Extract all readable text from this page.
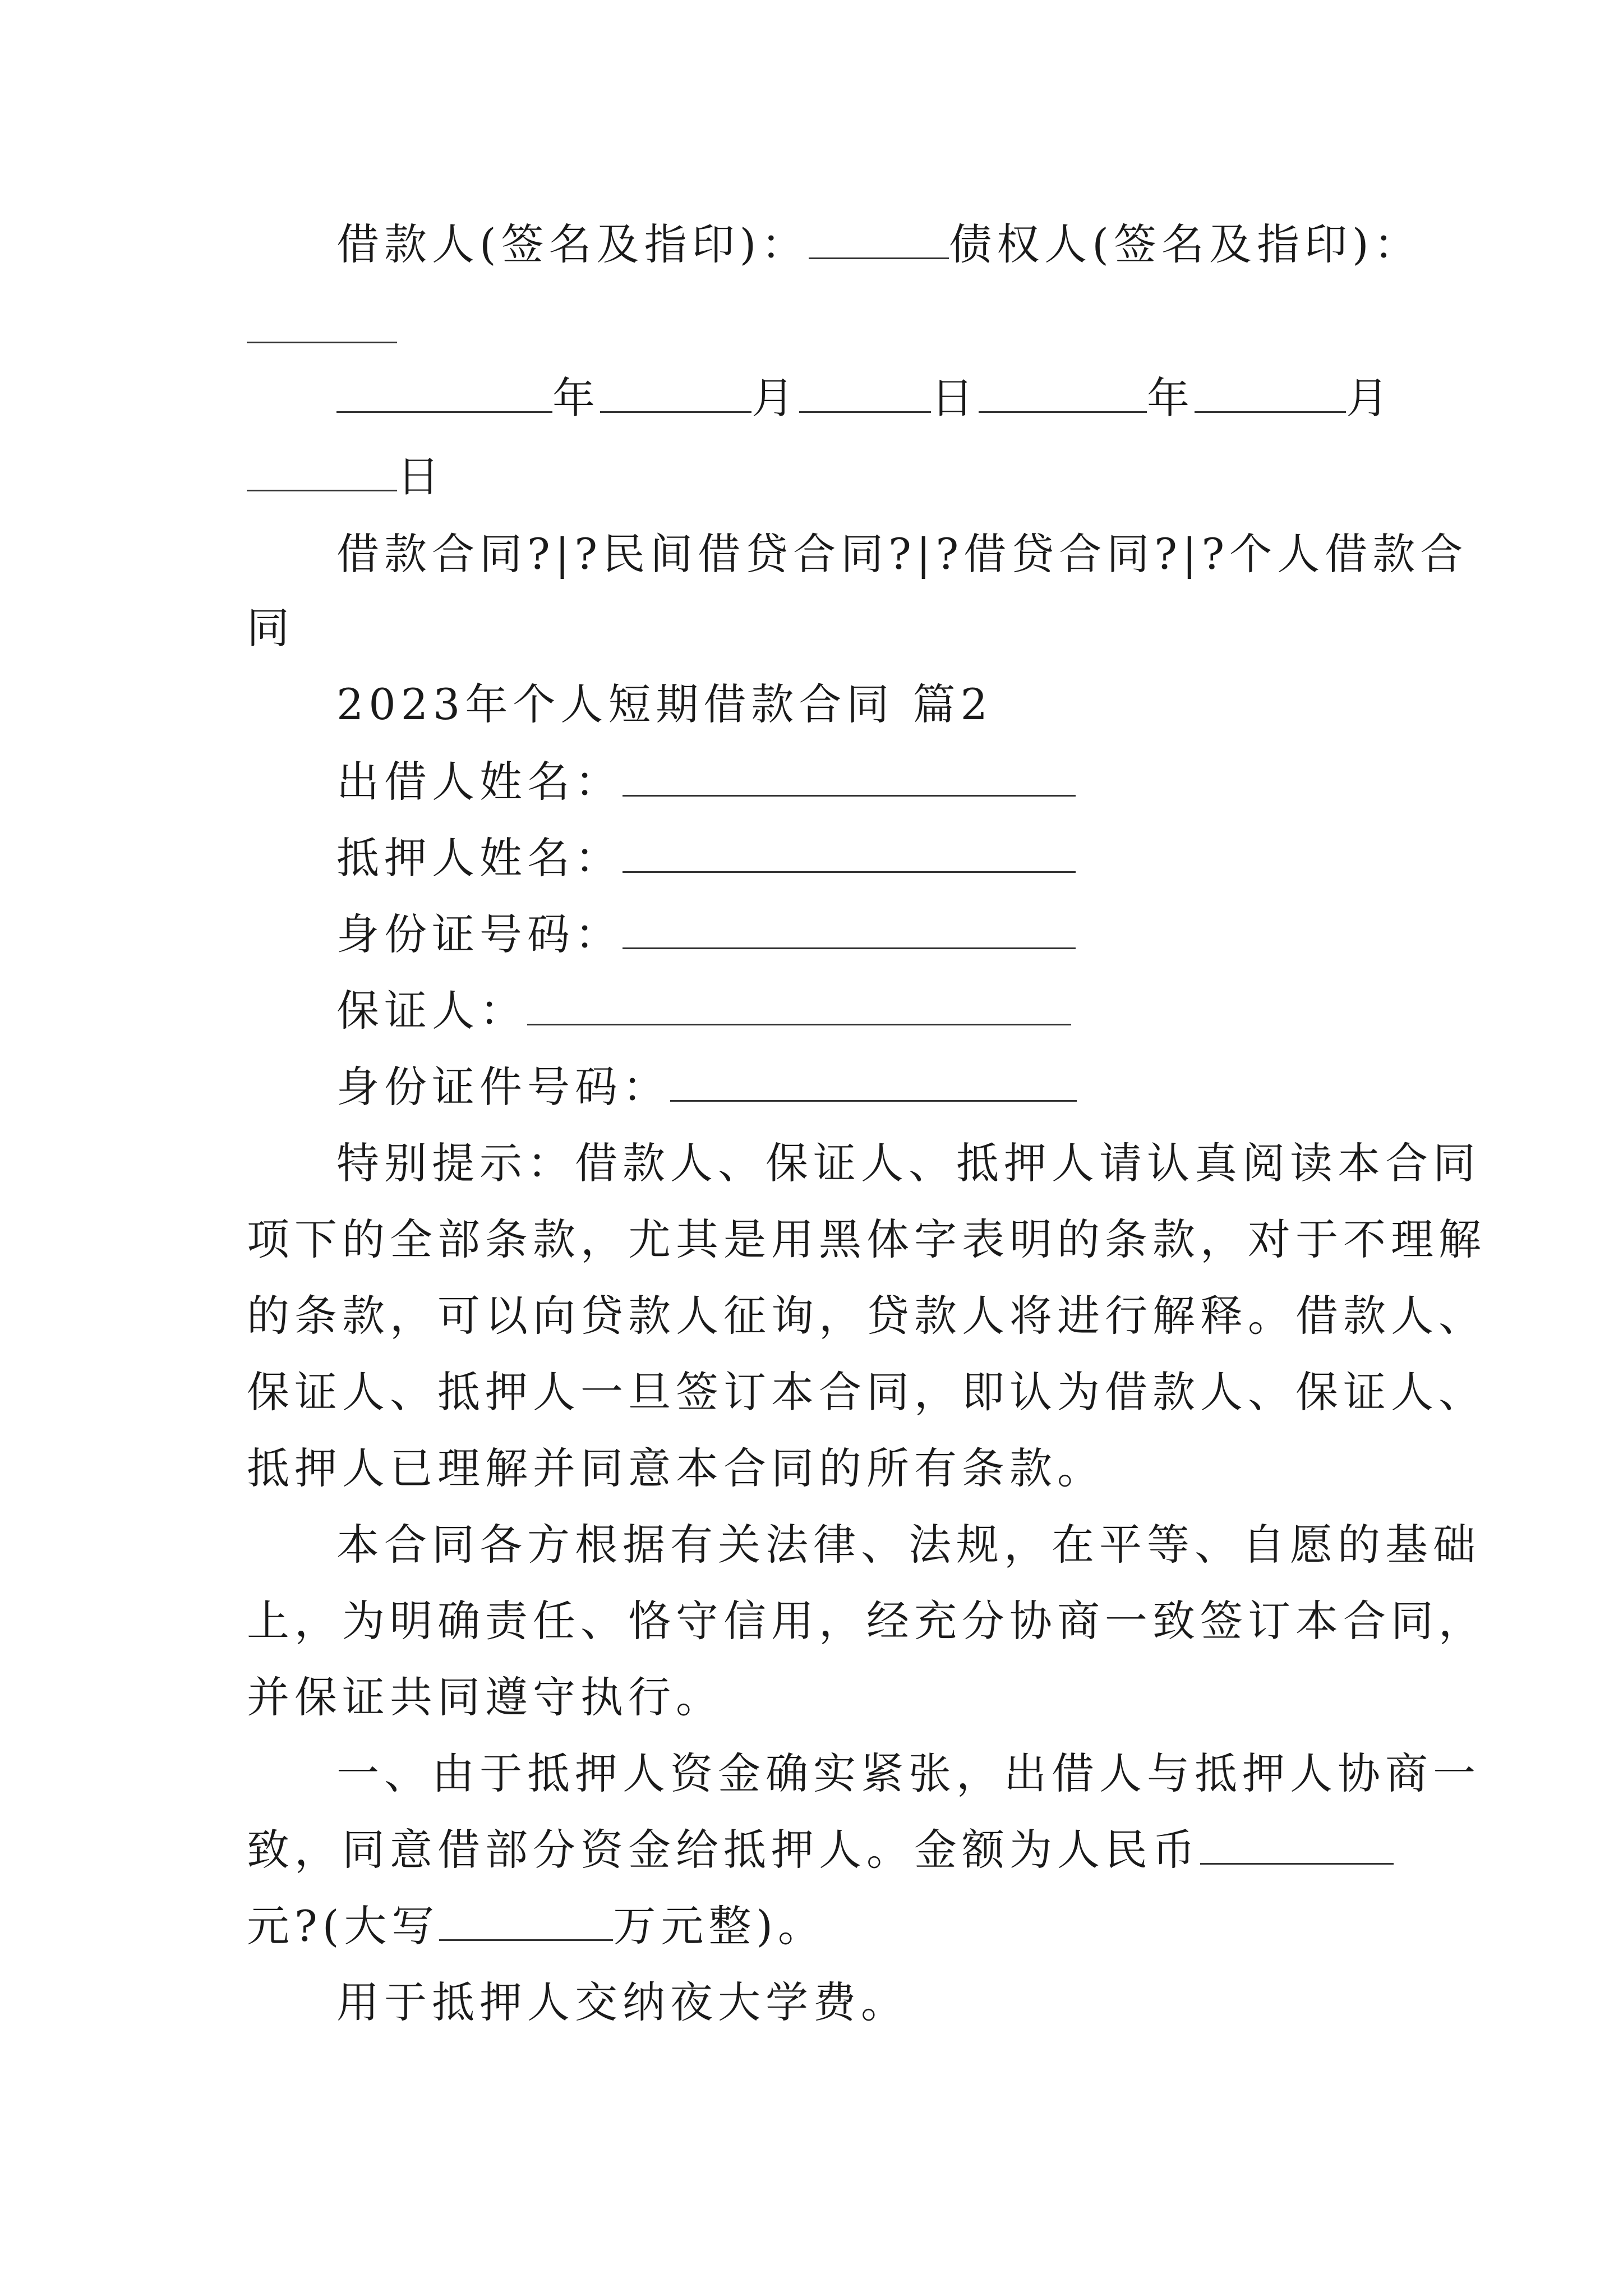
借款人(签名及指印)：	债权人(签名及指印)：
年	月	日	年	月
日
借款合同?|?民间借贷合同?|?借贷合同?|?个人借款合
同
2023年个人短期借款合同 篇2
出借人姓名：
抵押人姓名：
身份证号码：
保证人：
身份证件号码：
特别提示：借款人、保证人、抵押人请认真阅读本合同
项下的全部条款，尤其是用黑体字表明的条款，对于不理解
的条款，可以向贷款人征询，贷款人将进行解释。借款人、
保证人、抵押人一旦签订本合同，即认为借款人、保证人、
抵押人已理解并同意本合同的所有条款。
本合同各方根据有关法律、法规，在平等、自愿的基础
上，为明确责任、恪守信用，经充分协商一致签订本合同，
并保证共同遵守执行。
一、由于抵押人资金确实紧张，出借人与抵押人协商一
致，同意借部分资金给抵押人。金额为人民币
元?(大写	万元整)。
用于抵押人交纳夜大学费。
